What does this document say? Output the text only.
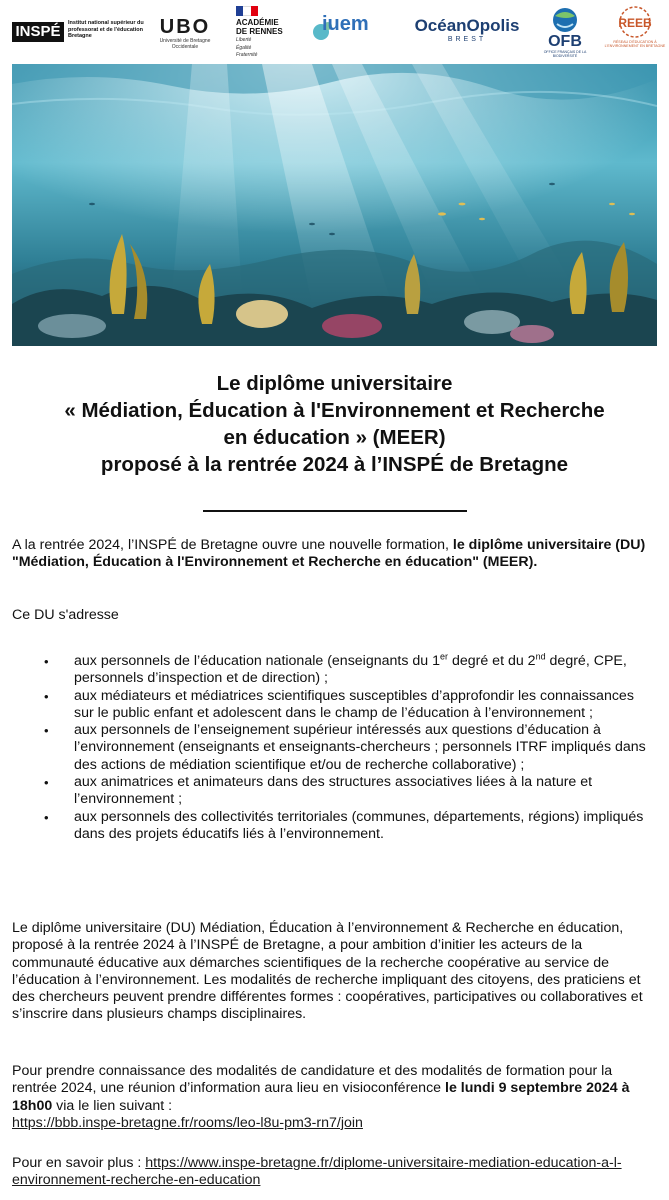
INSPÉ	Institut national supérieur du professorat et de l'éducation Bretagne	UBO
Université de Bretagne Occidentale
ACADÉMIE
DE RENNES
Liberté
Égalité
Fraternité
iuem	OcéanOpolis
BREST	OFB
OFFICE FRANÇAIS DE LA BIODIVERSITÉ
REEB
RÉSEAU D'ÉDUCATION À L'ENVIRONNEMENT EN BRETAGNE
Le diplôme universitaire
« Médiation, Éducation à l'Environnement et Recherche
en éducation » (MEER)
proposé à la rentrée 2024 à l’INSPÉ de Bretagne
A la rentrée 2024, l’INSPÉ de Bretagne ouvre une nouvelle formation, le diplôme universitaire (DU) "Médiation, Éducation à l'Environnement et Recherche en éducation" (MEER).
Ce DU s'adresse
• aux personnels de l’éducation nationale (enseignants du 1er degré et du 2nd degré, CPE, personnels d’inspection et de direction) ;
• aux médiateurs et médiatrices scientifiques susceptibles d’approfondir les connaissances sur le public enfant et adolescent dans le champ de l’éducation à l’environnement ;
• aux personnels de l’enseignement supérieur intéressés aux questions d’éducation à l’environnement (enseignants et enseignants-chercheurs ; personnels ITRF impliqués dans des actions de médiation scientifique et/ou de recherche collaborative) ;
• aux animatrices et animateurs dans des structures associatives liées à la nature et l’environnement ;
• aux personnels des collectivités territoriales (communes, départements, régions) impliqués dans des projets éducatifs liés à l’environnement.
Le diplôme universitaire (DU) Médiation, Éducation à l’environnement & Recherche en éducation, proposé à la rentrée 2024 à l’INSPÉ de Bretagne, a pour ambition d’initier les acteurs de la communauté éducative aux démarches scientifiques de la recherche coopérative au service de l’éducation à l’environnement. Les modalités de recherche impliquant des citoyens, des praticiens et des chercheurs peuvent prendre différentes formes : coopératives, participatives ou collaboratives et s’inscrire dans plusieurs champs disciplinaires.
Pour prendre connaissance des modalités de candidature et des modalités de formation pour la rentrée 2024, une réunion d’information aura lieu en visioconférence le lundi 9 septembre 2024 à 18h00 via le lien suivant :
https://bbb.inspe-bretagne.fr/rooms/leo-l8u-pm3-rn7/join
Pour en savoir plus : https://www.inspe-bretagne.fr/diplome-universitaire-mediation-education-a-l-environnement-recherche-en-education
